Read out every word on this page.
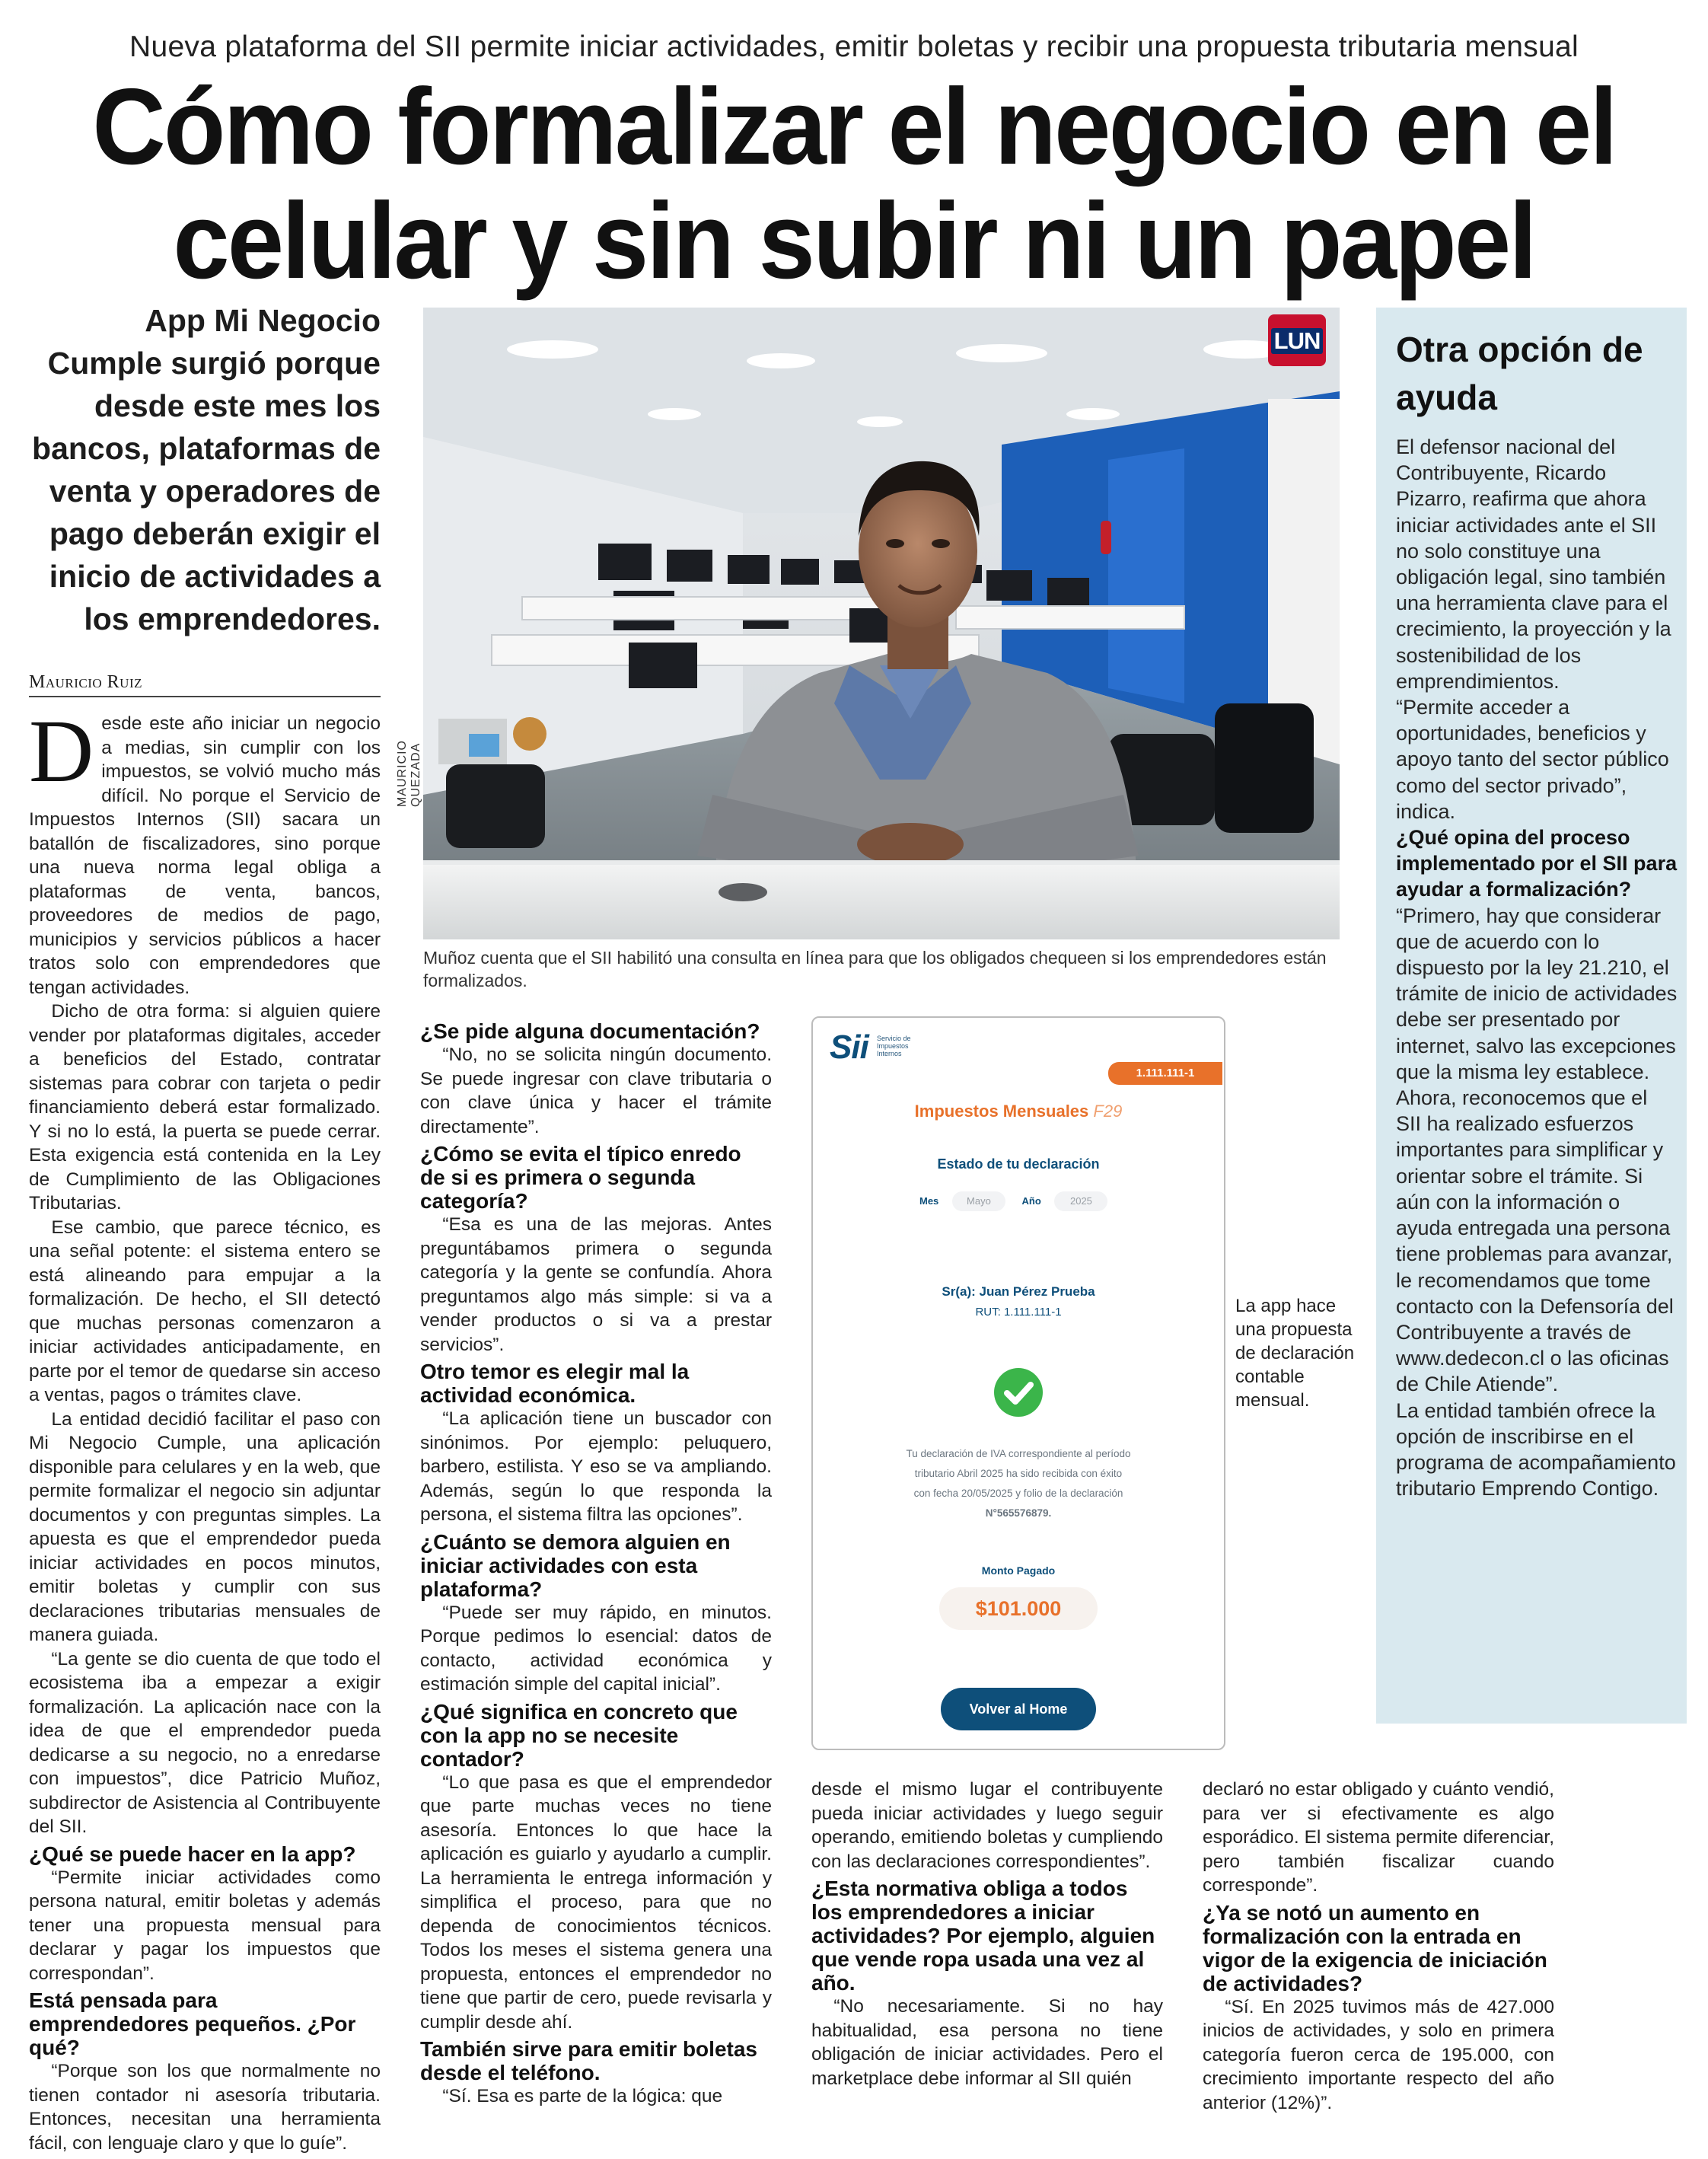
Nueva plataforma del SII permite iniciar actividades, emitir boletas y recibir una propuesta tributaria mensual
Cómo formalizar el negocio en el
celular y sin subir ni un papel
App Mi Negocio Cumple surgió porque desde este mes los bancos, plataformas de venta y operadores de pago deberán exigir el inicio de actividades a los emprendedores.
Mauricio Ruiz

Desde este año iniciar un negocio a medias, sin cumplir con los impuestos, se volvió mucho más difícil. No porque el Servicio de Impuestos Internos (SII) sacara un batallón de fiscalizadores, sino porque una nueva norma legal obliga a plataformas de venta, bancos, proveedores de medios de pago, municipios y servicios públicos a hacer tratos solo con emprendedores que tengan actividades.

Dicho de otra forma: si alguien quiere vender por plataformas digitales, acceder a beneficios del Estado, contratar sistemas para cobrar con tarjeta o pedir financiamiento deberá estar formalizado. Y si no lo está, la puerta se puede cerrar. Esta exigencia está contenida en la Ley de Cumplimiento de las Obligaciones Tributarias.

Ese cambio, que parece técnico, es una señal potente: el sistema entero se está alineando para empujar a la formalización. De hecho, el SII detectó que muchas personas comenzaron a iniciar actividades anticipadamente, en parte por el temor de quedarse sin acceso a ventas, pagos o trámites clave.

La entidad decidió facilitar el paso con Mi Negocio Cumple, una aplicación disponible para celulares y en la web, que permite formalizar el negocio sin adjuntar documentos y con preguntas simples. La apuesta es que el emprendedor pueda iniciar actividades en pocos minutos, emitir boletas y cumplir con sus declaraciones tributarias mensuales de manera guiada.

“La gente se dio cuenta de que todo el ecosistema iba a empezar a exigir formalización. La aplicación nace con la idea de que el emprendedor pueda dedicarse a su negocio, no a enredarse con impuestos”, dice Patricio Muñoz, subdirector de Asistencia al Contribuyente del SII.

¿Qué se puede hacer en la app?

“Permite iniciar actividades como persona natural, emitir boletas y además tener una propuesta mensual para declarar y pagar los impuestos que correspondan”.

Está pensada para emprendedores pequeños. ¿Por qué?

“Porque son los que normalmente no tienen contador ni asesoría tributaria. Entonces, necesitan una herramienta fácil, con lenguaje claro y que lo guíe”.

¿Se pide alguna documentación?

“No, no se solicita ningún documento. Se puede ingresar con clave tributaria o con clave única y hacer el trámite directamente”.

¿Cómo se evita el típico enredo de si es primera o segunda categoría?

“Esa es una de las mejoras. Antes preguntábamos primera o segunda categoría y la gente se confundía. Ahora preguntamos algo más simple: si va a vender productos o si va a prestar servicios”.

Otro temor es elegir mal la actividad económica.

“La aplicación tiene un buscador con sinónimos. Por ejemplo: peluquero, barbero, estilista. Y eso se va ampliando. Además, según lo que responda la persona, el sistema filtra las opciones”.

¿Cuánto se demora alguien en iniciar actividades con esta plataforma?

“Puede ser muy rápido, en minutos. Porque pedimos lo esencial: datos de contacto, actividad económica y estimación simple del capital inicial”.

¿Qué significa en concreto que con la app no se necesite contador?

“Lo que pasa es que el emprendedor que parte muchas veces no tiene asesoría. Entonces lo que hace la aplicación es guiarlo y ayudarlo a cumplir. La herramienta le entrega información y simplifica el proceso, para que no dependa de conocimientos técnicos. Todos los meses el sistema genera una propuesta, entonces el emprendedor no tiene que partir de cero, puede revisarla y cumplir desde ahí.

También sirve para emitir boletas desde el teléfono.

“Sí. Esa es parte de la lógica: que

desde el mismo lugar el contribuyente pueda iniciar actividades y luego seguir operando, emitiendo boletas y cumpliendo con las declaraciones correspondientes”.

¿Esta normativa obliga a todos los emprendedores a iniciar actividades? Por ejemplo, alguien que vende ropa usada una vez al año.

“No necesariamente. Si no hay habitualidad, esa persona no tiene obligación de iniciar actividades. Pero el marketplace debe informar al SII quién

declaró no estar obligado y cuánto vendió, para ver si efectivamente es algo esporádico. El sistema permite diferenciar, pero también fiscalizar cuando corresponde”.

¿Ya se notó un aumento en formalización con la entrada en vigor de la exigencia de iniciación de actividades?

“Sí. En 2025 tuvimos más de 427.000 inicios de actividades, y solo en primera categoría fueron cerca de 195.000, con crecimiento importante respecto del año anterior (12%)”.

MAURICIO QUEZADA
LUN
Muñoz cuenta que el SII habilitó una consulta en línea para que los obligados chequeen si los emprendedores están formalizados.
Sii Servicio de
Impuestos
Internos
1.111.111-1
Impuestos Mensuales F29
Estado de tu declaración
Mes	Mayo	Año	2025
Sr(a): Juan Pérez Prueba
RUT: 1.111.111-1
Tu declaración de IVA correspondiente al período
tributario Abril 2025 ha sido recibida con éxito
con fecha 20/05/2025 y folio de la declaración
N°565576879.
Monto Pagado
$101.000
Volver al Home
La app hace una propuesta de declaración contable mensual.
Otra opción de ayuda

El defensor nacional del Contribuyente, Ricardo Pizarro, reafirma que ahora iniciar actividades ante el SII no solo constituye una obligación legal, sino también una herramienta clave para el crecimiento, la proyección y la sostenibilidad de los emprendimientos.

“Permite acceder a oportunidades, beneficios y apoyo tanto del sector público como del sector privado”, indica.

¿Qué opina del proceso implementado por el SII para ayudar a formalización?

“Primero, hay que considerar que de acuerdo con lo dispuesto por la ley 21.210, el trámite de inicio de actividades debe ser presentado por internet, salvo las excepciones que la misma ley establece. Ahora, reconocemos que el SII ha realizado esfuerzos importantes para simplificar y orientar sobre el trámite. Si aún con la información o ayuda entregada una persona tiene problemas para avanzar, le recomendamos que tome contacto con la Defensoría del Contribuyente a través de www.dedecon.cl o las oficinas de Chile Atiende”.

La entidad también ofrece la opción de inscribirse en el programa de acompañamiento tributario Emprendo Contigo.
